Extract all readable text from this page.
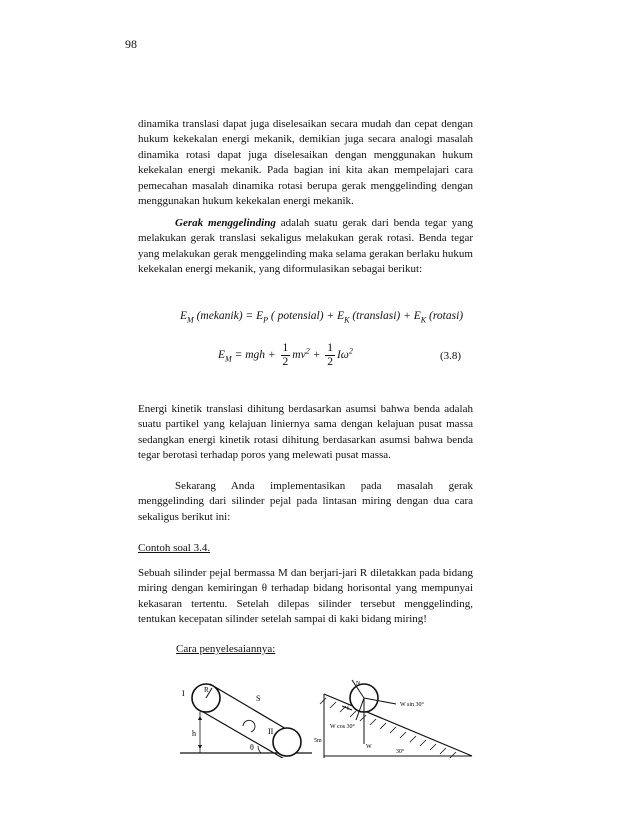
98

dinamika translasi dapat juga diselesaikan secara mudah dan cepat dengan hukum kekekalan energi mekanik, demikian juga secara analogi masalah dinamika rotasi dapat juga diselesaikan dengan menggunakan hukum kekekalan energi mekanik. Pada bagian ini kita akan mempelajari cara pemecahan masalah dinamika rotasi berupa gerak menggelinding dengan menggunakan hukum kekekalan energi mekanik.

Gerak menggelinding adalah suatu gerak dari benda tegar yang melakukan gerak translasi sekaligus melakukan gerak rotasi. Benda tegar yang melakukan gerak menggelinding maka selama gerakan berlaku hukum kekekalan energi mekanik, yang diformulasikan sebagai berikut:

$E_M$ (mekanik) = $E_P$ ( potensial) + $E_K$ (translasi) + $E_K$ (rotasi)
$E_M$ = mgh + $\frac{1}{2} mv^2 + \frac{1}{2} I\omega^2$	(3.8)

Energi kinetik translasi dihitung berdasarkan asumsi bahwa benda adalah suatu partikel yang kelajuan liniernya sama dengan kelajuan pusat massa sedangkan energi kinetik rotasi dihitung berdasarkan asumsi bahwa benda tegar berotasi terhadap poros yang melewati pusat massa.

Sekarang Anda implementasikan pada masalah gerak menggelinding dari silinder pejal pada lintasan miring dengan dua cara sekaligus berikut ini:

Contoh soal 3.4.

Sebuah silinder pejal bermassa M dan berjari-jari R diletakkan pada bidang miring dengan kemiringan θ terhadap bidang horisontal yang mempunyai kekasaran tertentu. Setelah dilepas silinder tersebut menggelinding, tentukan kecepatan silinder setelah sampai di kaki bidang miring!

Cara penyelesaiannya:
I	R
S
h	II
θ
f
N
W sin 30°
W cos 30°
W
5m
30°
